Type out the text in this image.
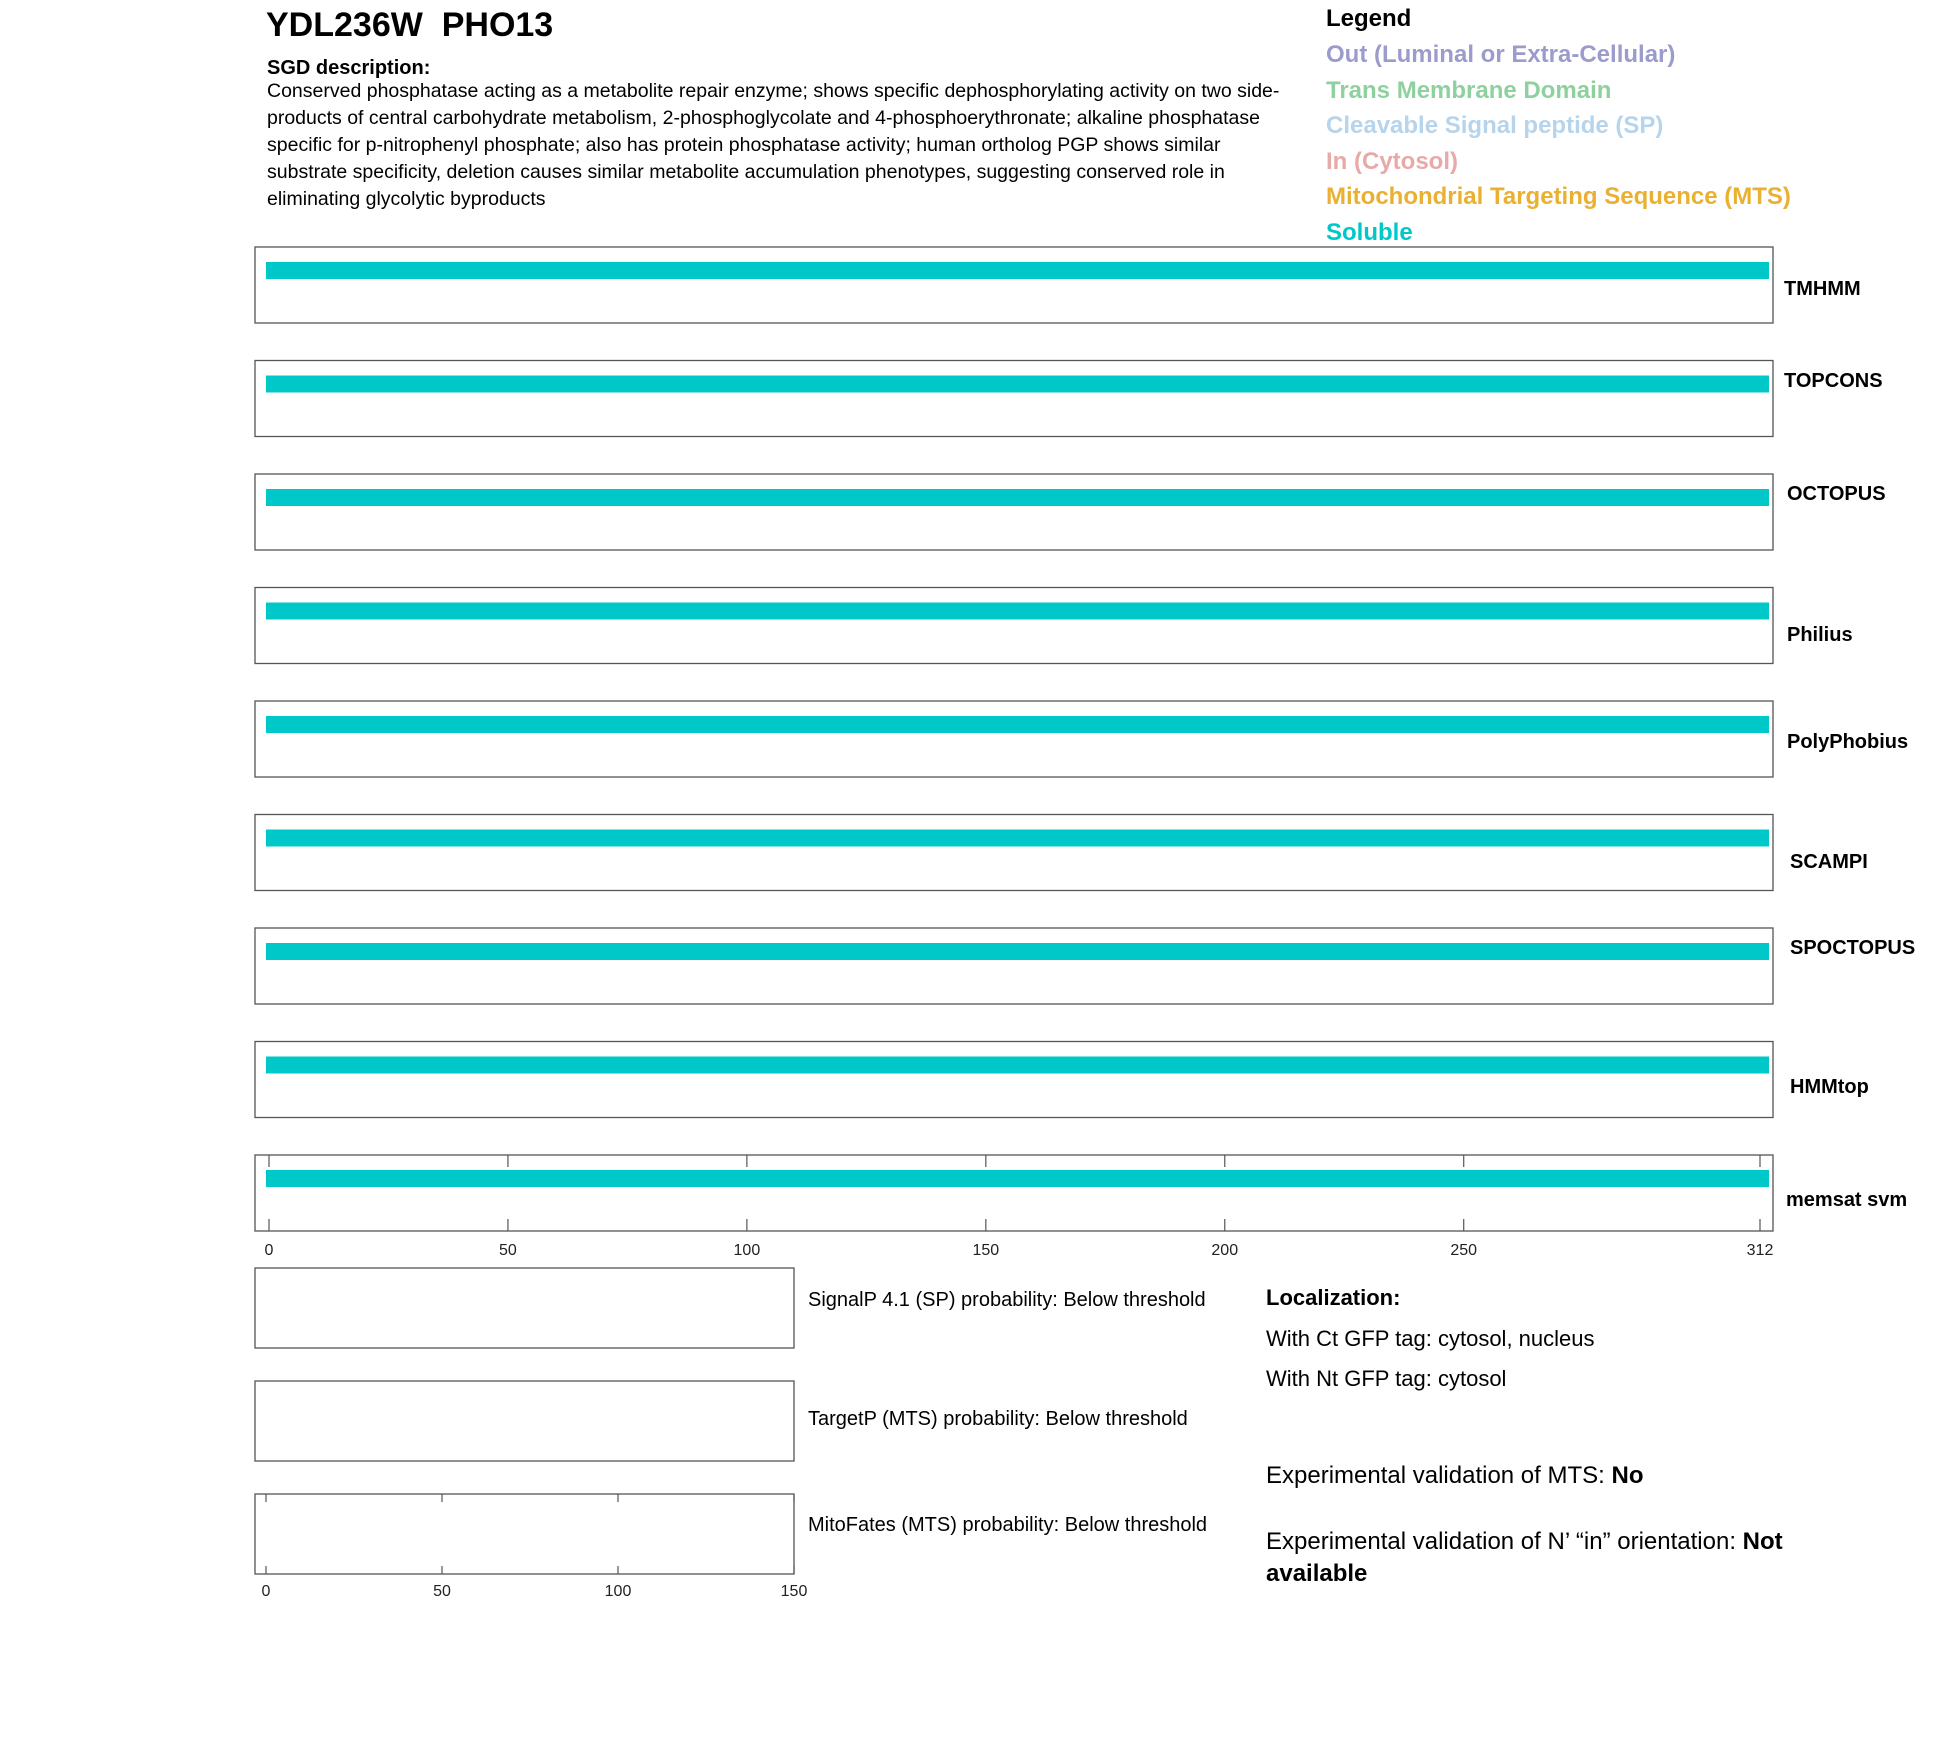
YDL236W  PHO13
SGD description:
Conserved phosphatase acting as a metabolite repair enzyme; shows specific dephosphorylating activity on two side-products of central carbohydrate metabolism, 2-phosphoglycolate and 4-phosphoerythronate; alkaline phosphatase specific for p-nitrophenyl phosphate; also has protein phosphatase activity; human ortholog PGP shows similar substrate specificity, deletion causes similar metabolite accumulation phenotypes, suggesting conserved role in eliminating glycolytic byproducts
Legend
Out (Luminal or Extra-Cellular)
Trans Membrane Domain
Cleavable Signal peptide (SP)
In (Cytosol)
Mitochondrial Targeting Sequence (MTS)
Soluble
0	50	100	150	200	250	312
0	50	100	150
TMHMM
TOPCONS
OCTOPUS
Philius
PolyPhobius
SCAMPI
SPOCTOPUS
HMMtop
memsat svm
SignalP 4.1 (SP) probability: Below threshold
TargetP (MTS) probability: Below threshold
MitoFates (MTS) probability: Below threshold
Localization:
With Ct GFP tag: cytosol, nucleus
With Nt GFP tag: cytosol
Experimental validation of MTS: No
Experimental validation of N’ “in” orientation: Not available
